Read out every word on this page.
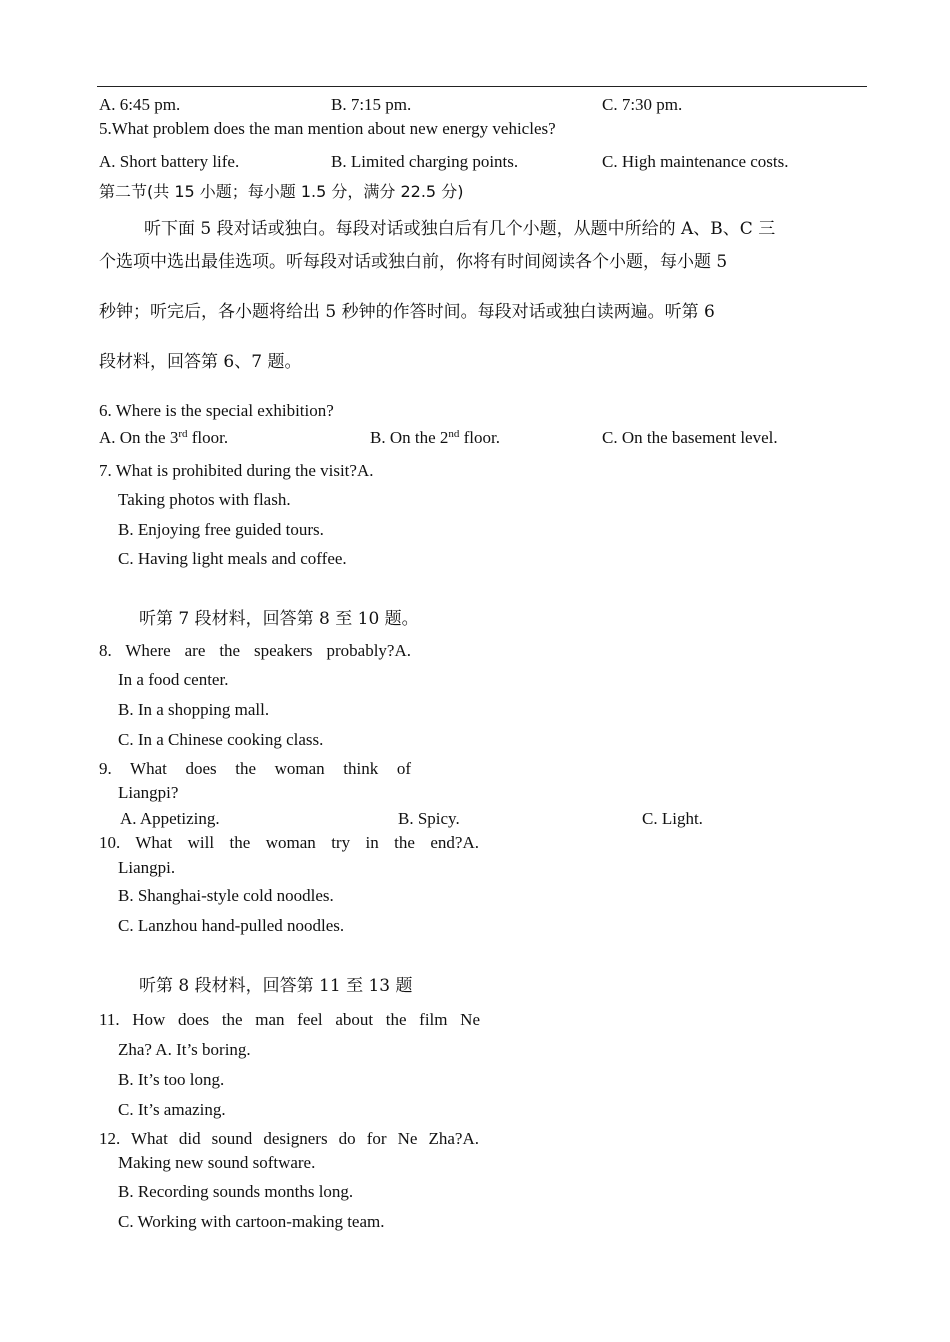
A. 6:45 pm.	B. 7:15 pm.	C. 7:30 pm.
5.What problem does the man mention about new energy vehicles?
A. Short battery life.	B. Limited charging points.	C. High maintenance costs.
第二节(共 15 小题；每小题 1.5 分，满分 22.5 分)
听下面 5 段对话或独白。每段对话或独白后有几个小题，从题中所给的 A、B、C 三
个选项中选出最佳选项。听每段对话或独白前，你将有时间阅读各个小题，每小题 5
秒钟；听完后，各小题将给出 5 秒钟的作答时间。每段对话或独白读两遍。听第 6
段材料，回答第 6、7 题。
6. Where is the special exhibition?
A. On the 3rd floor.	B. On the 2nd floor.	C. On the basement level.
7. What is prohibited during the visit?A.
Taking photos with flash.
B. Enjoying free guided tours.
C. Having light meals and coffee.
听第 7 段材料，回答第 8 至 10 题。
8. Where are the speakers probably?A.
In a food center.
B. In a shopping mall.
C. In a Chinese cooking class.
9. What does the woman think of
Liangpi?
A. Appetizing.	B. Spicy.	C. Light.
10. What will the woman try in the end?A.
Liangpi.
B. Shanghai-style cold noodles.
C. Lanzhou hand-pulled noodles.
听第 8 段材料，回答第 11 至 13 题
11. How does the man feel about the film Ne
Zha? A. It’s boring.
B. It’s too long.
C. It’s amazing.
12. What did sound designers do for Ne Zha?A.
Making new sound software.
B. Recording sounds months long.
C. Working with cartoon-making team.
